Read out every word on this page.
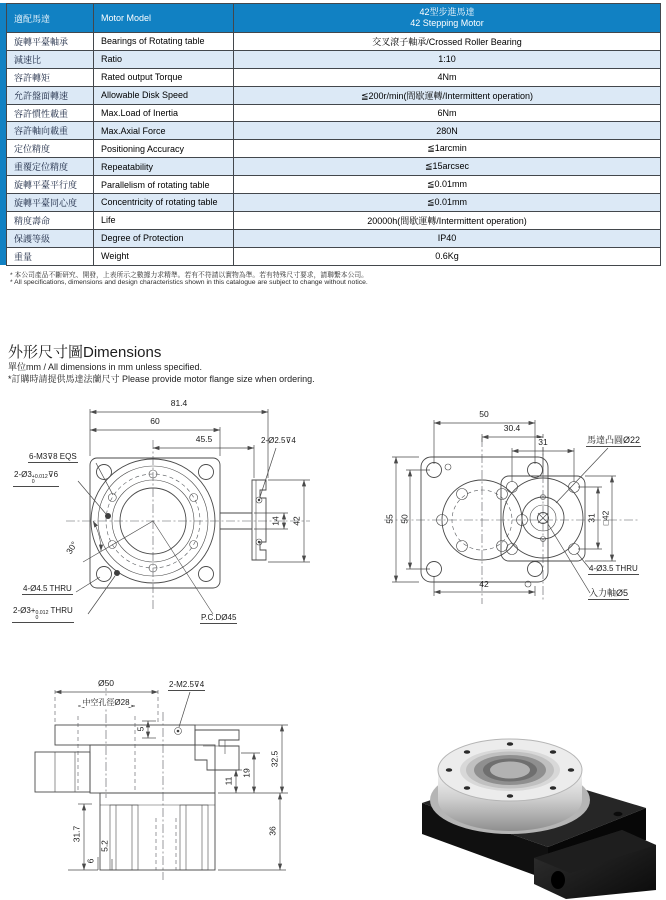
適配馬達	Motor Model
42型步進馬達
42 Stepping Motor
旋轉平臺軸承	Bearings of Rotating table	交叉滾子軸承/Crossed Roller Bearing
減速比	Ratio	1:10
容許轉矩	Rated output Torque	4Nm
允許盤面轉速	Allowable Disk Speed	≦200r/min(間歇運轉/Intermittent operation)
容許慣性載重	Max.Load of Inertia	6Nm
容許軸向載重	Max.Axial Force	280N
定位精度	Positioning Accuracy	≦1arcmin
重覆定位精度	Repeatability	≦15arcsec
旋轉平臺平行度	Parallelism of rotating table	≦0.01mm
旋轉平臺同心度	Concentricity of rotating table	≦0.01mm
精度壽命	Life	20000h(間歇運轉/Intermittent operation)
保護等級	Degree of Protection	IP40
重量	Weight	0.6Kg
* 本公司產品不斷研究、開發，上表所示之數據力求精準。若有不符請以實物為準。若有特殊尺寸要求，請聯繫本公司。
* All specifications, dimensions and design characteristics shown in this catalogue are subject to change without notice.
外形尺寸圖Dimensions
單位mm / All dimensions in mm unless specified.
*訂購時請提供馬達法蘭尺寸 Please provide motor flange size when ordering.
81.4
60
45.5	2-Ø2.5⊽4
6-M3⊽8 EQS
2-Ø3 +0.012
0
⊽6
30°
14 42
4-Ø4.5 THRU
2-Ø3+ 0.012
0
THRU
P.C.DØ45
50
30.4
31	馬達凸圓Ø22
55 50	31 □42
42
4-Ø3.5 THRU
入力軸Ø5
Ø50
中空孔徑Ø28
2-M2.5⊽4
5
32.5
19
11
36
31.7
5.2
6
